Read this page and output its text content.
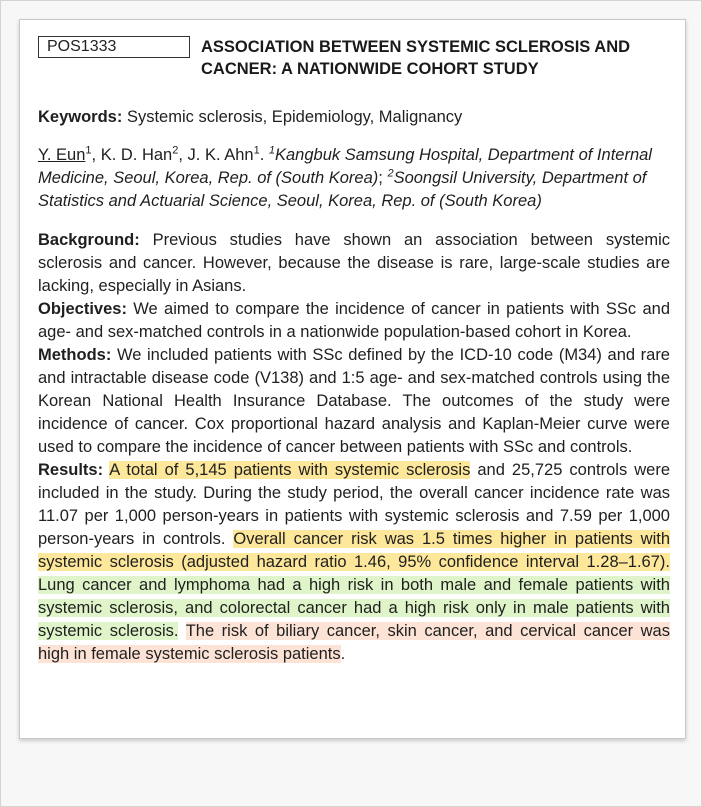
POS1333	ASSOCIATION BETWEEN SYSTEMIC SCLEROSIS AND CACNER: A NATIONWIDE COHORT STUDY
Keywords: Systemic sclerosis, Epidemiology, Malignancy
Y. Eun$^1$, K. D. Han$^2$, J. K. Ahn$^1$. $^1$Kangbuk Samsung Hospital, Department of Internal Medicine, Seoul, Korea, Rep. of (South Korea); $^2$Soongsil University, Department of Statistics and Actuarial Science, Seoul, Korea, Rep. of (South Korea)

Background: Previous studies have shown an association between systemic sclerosis and cancer. However, because the disease is rare, large-scale studies are lacking, especially in Asians.

Objectives: We aimed to compare the incidence of cancer in patients with SSc and age- and sex-matched controls in a nationwide population-based cohort in Korea.

Methods: We included patients with SSc defined by the ICD-10 code (M34) and rare and intractable disease code (V138) and 1:5 age- and sex-matched controls using the Korean National Health Insurance Database. The outcomes of the study were incidence of cancer. Cox proportional hazard analysis and Kaplan-Meier curve were used to compare the incidence of cancer between patients with SSc and controls.

Results: A total of 5,145 patients with systemic sclerosis and 25,725 controls were included in the study. During the study period, the overall cancer incidence rate was 11.07 per 1,000 person-years in patients with systemic sclerosis and 7.59 per 1,000 person-years in controls. Overall cancer risk was 1.5 times higher in patients with systemic sclerosis (adjusted hazard ratio 1.46, 95% confidence interval 1.28–1.67). Lung cancer and lymphoma had a high risk in both male and female patients with systemic sclerosis, and colorectal cancer had a high risk only in male patients with systemic sclerosis. The risk of biliary cancer, skin cancer, and cervical cancer was high in female systemic sclerosis patients.
